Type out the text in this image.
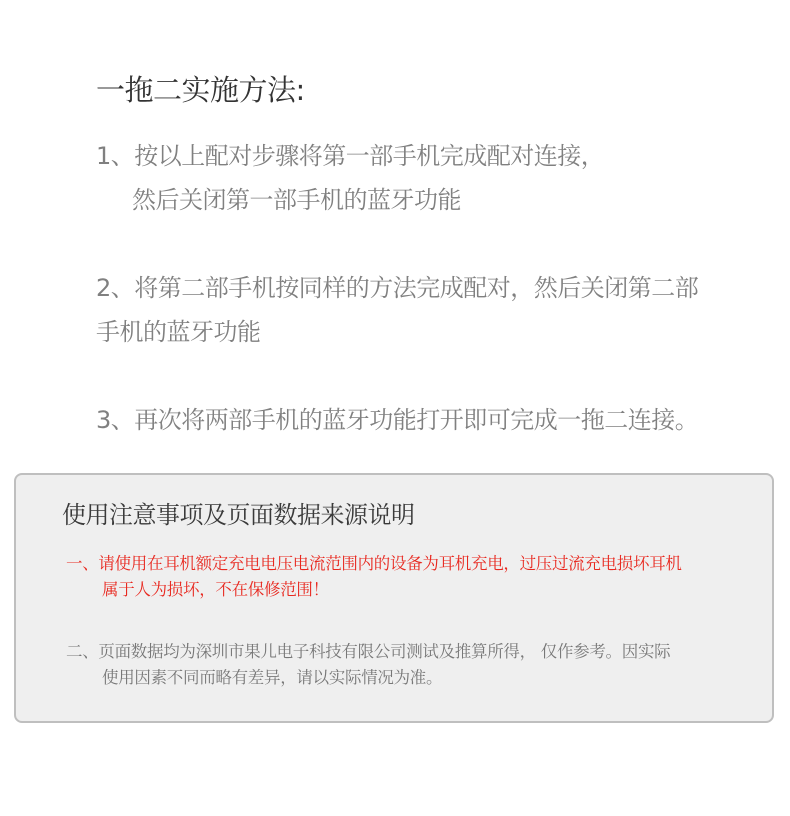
一拖二实施方法:
1、按以上配对步骤将第一部手机完成配对连接，
然后关闭第一部手机的蓝牙功能
2、将第二部手机按同样的方法完成配对，然后关闭第二部
手机的蓝牙功能
3、再次将两部手机的蓝牙功能打开即可完成一拖二连接。
使用注意事项及页面数据来源说明
一、请使用在耳机额定充电电压电流范围内的设备为耳机充电，过压过流充电损坏耳机
属于人为损坏，不在保修范围！
二、页面数据均为深圳市果儿电子科技有限公司测试及推算所得， 仅作参考。因实际
使用因素不同而略有差异，请以实际情况为准。
